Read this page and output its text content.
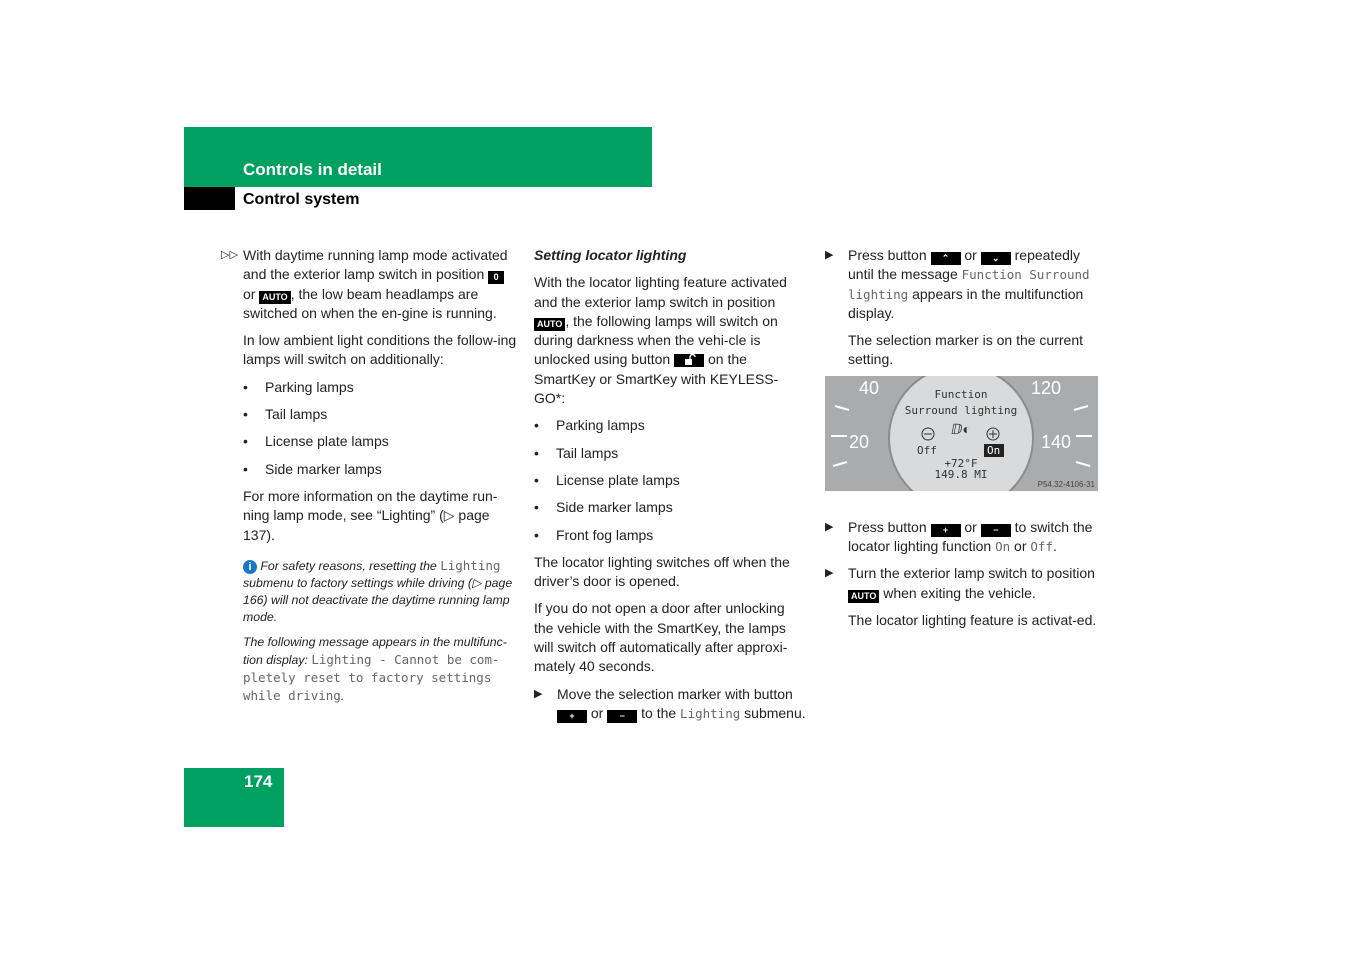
Controls in detail
Control system

▷▷ With daytime running lamp mode activated and the exterior lamp switch in position 0 or AUTO , the low beam headlamps are switched on when the en-gine is running.

In low ambient light conditions the follow-ing lamps will switch on additionally:

• Parking lamps
• Tail lamps
• License plate lamps
• Side marker lamps

For more information on the daytime run-ning lamp mode, see “Lighting” (▷ page 137).

i For safety reasons, resetting the Lighting submenu to factory settings while driving (▷ page 166) will not deactivate the daytime running lamp mode.
The following message appears in the multifunc-tion display: Lighting - Cannot be com-pletely reset to factory settings while driving.

Setting locator lighting

With the locator lighting feature activated and the exterior lamp switch in position AUTO , the following lamps will switch on during darkness when the vehi-cle is unlocked using button	on the SmartKey or SmartKey with KEYLESS-GO*:

• Parking lamps
• Tail lamps
• License plate lamps
• Side marker lamps
• Front fog lamps

The locator lighting switches off when the driver’s door is opened.

If you do not open a door after unlocking the vehicle with the SmartKey, the lamps will switch off automatically after approxi-mately 40 seconds.

▶ Move the selection marker with button + or − to the Lighting submenu.
▶ Press button ⌃ or ⌄ repeatedly until the message Function Surround lighting appears in the multifunction display.

The selection marker is on the current setting.

▶ Press button + or − to switch the locator lighting function On or Off.
▶ Turn the exterior lamp switch to position AUTO when exiting the vehicle.

The locator lighting feature is activat-ed.

40	120
20	140
Function
Surround lighting
ⅅ◐
Off	On
+72°F
149.8 MI
P54.32-4106-31
174
